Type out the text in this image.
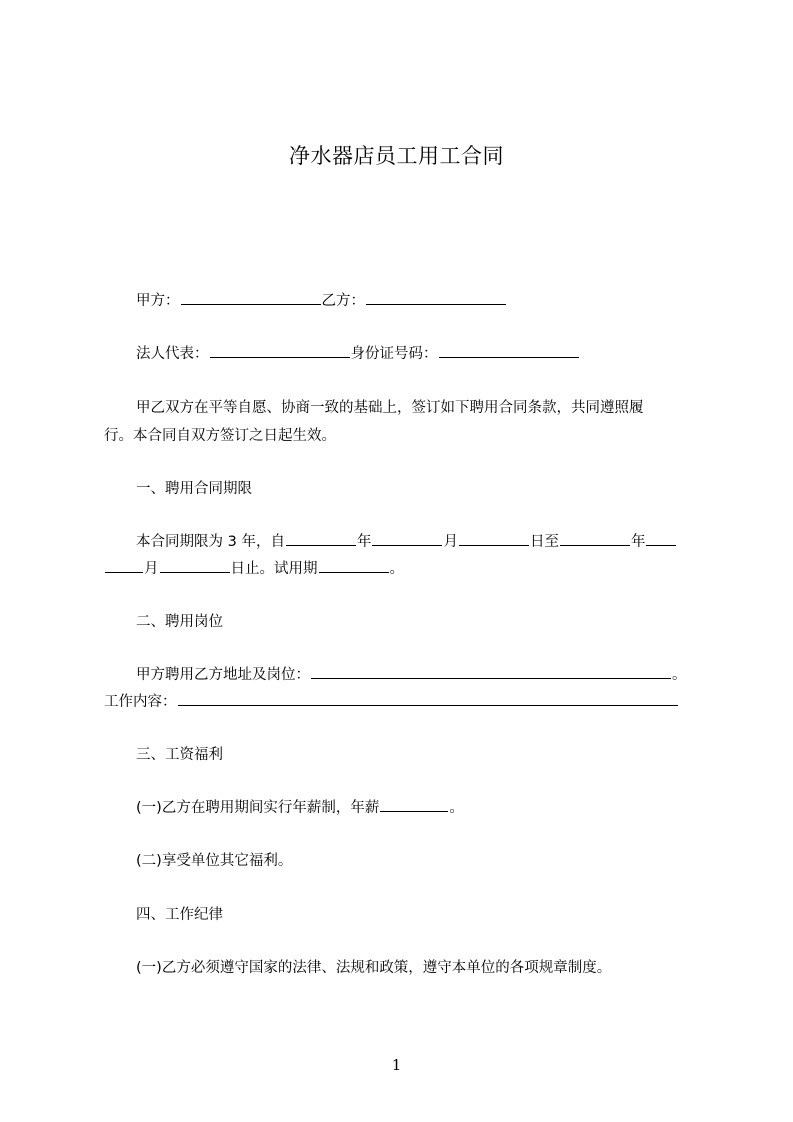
净水器店员工用工合同
甲方：	乙方：
法人代表：	身份证号码：
甲乙双方在平等自愿、协商一致的基础上，签订如下聘用合同条款，共同遵照履
行。本合同自双方签订之日起生效。
一、聘用合同期限
本合同期限为 3 年，自	年	月	日至	年
月	日止。试用期	。
二、聘用岗位
甲方聘用乙方地址及岗位：	。
工作内容：
三、工资福利
(一)乙方在聘用期间实行年薪制，年薪	。
(二)享受单位其它福利。
四、工作纪律
(一)乙方必须遵守国家的法律、法规和政策，遵守本单位的各项规章制度。
1
